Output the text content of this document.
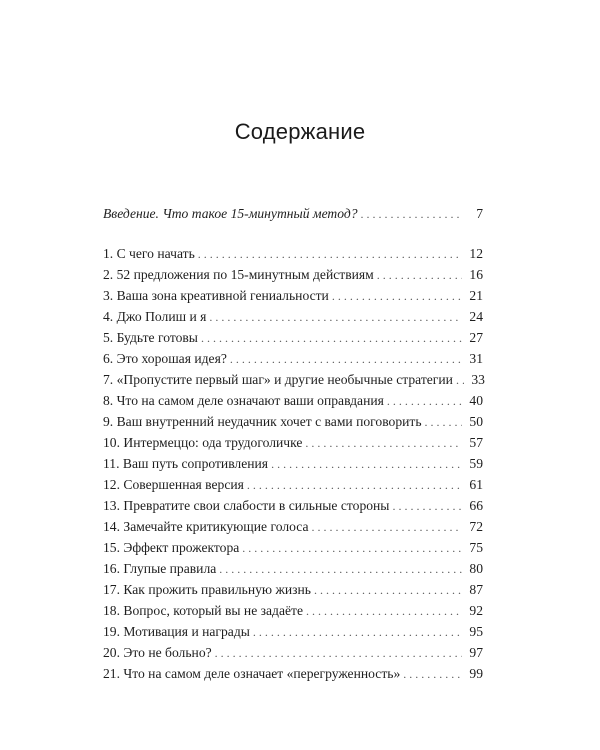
Содержание
Введение. Что такое 15-минутный метод? . . .	7
1. С чего начать . . .	12
2. 52 предложения по 15-минутным действиям . . .	16
3. Ваша зона креативной гениальности . . .	21
4. Джо Полиш и я . . .	24
5. Будьте готовы . . .	27
6. Это хорошая идея? . . .	31
7. «Пропустите первый шаг» и другие необычные стратегии . . .	33
8. Что на самом деле означают ваши оправдания . . .	40
9. Ваш внутренний неудачник хочет с вами поговорить . . .	50
10. Интермеццо: ода трудоголичке . . .	57
11. Ваш путь сопротивления . . .	59
12. Совершенная версия . . .	61
13. Превратите свои слабости в сильные стороны . . .	66
14. Замечайте критикующие голоса . . .	72
15. Эффект прожектора . . .	75
16. Глупые правила . . .	80
17. Как прожить правильную жизнь . . .	87
18. Вопрос, который вы не задаёте . . .	92
19. Мотивация и награды . . .	95
20. Это не больно? . . .	97
21. Что на самом деле означает «перегруженность» . . .	99
